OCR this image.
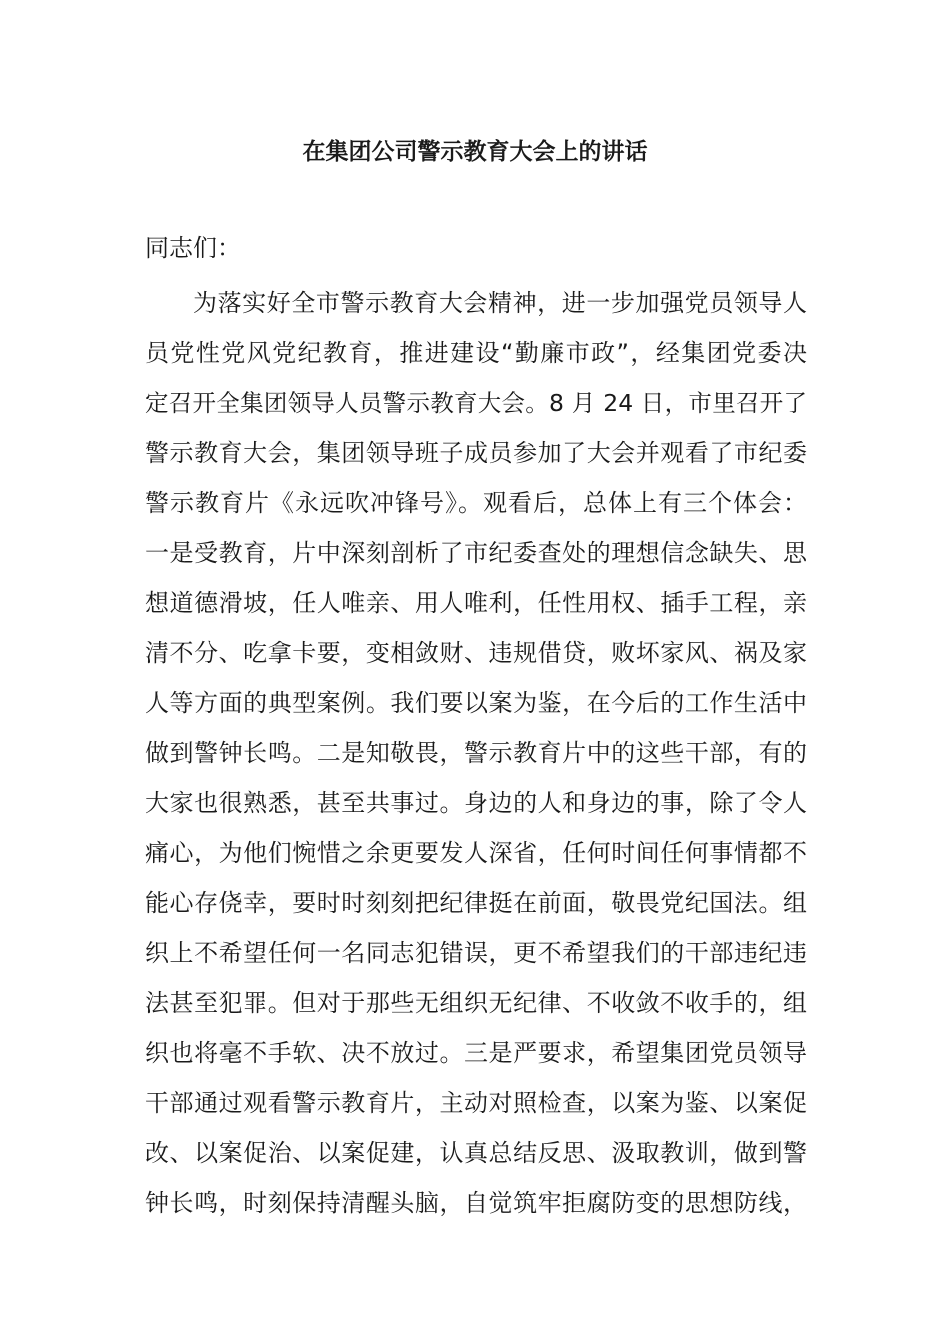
在集团公司警示教育大会上的讲话

同志们：

为落实好全市警示教育大会精神，进一步加强党员领导人
员党性党风党纪教育，推进建设“勤廉市政”，经集团党委决
定召开全集团领导人员警示教育大会。8 月 24 日，市里召开了
警示教育大会，集团领导班子成员参加了大会并观看了市纪委
警示教育片《永远吹冲锋号》。观看后，总体上有三个体会：
一是受教育，片中深刻剖析了市纪委查处的理想信念缺失、思
想道德滑坡，任人唯亲、用人唯利，任性用权、插手工程，亲
清不分、吃拿卡要，变相敛财、违规借贷，败坏家风、祸及家
人等方面的典型案例。我们要以案为鉴，在今后的工作生活中
做到警钟长鸣。二是知敬畏，警示教育片中的这些干部，有的
大家也很熟悉，甚至共事过。身边的人和身边的事，除了令人
痛心，为他们惋惜之余更要发人深省，任何时间任何事情都不
能心存侥幸，要时时刻刻把纪律挺在前面，敬畏党纪国法。组
织上不希望任何一名同志犯错误，更不希望我们的干部违纪违
法甚至犯罪。但对于那些无组织无纪律、不收敛不收手的，组
织也将毫不手软、决不放过。三是严要求，希望集团党员领导
干部通过观看警示教育片，主动对照检查，以案为鉴、以案促
改、以案促治、以案促建，认真总结反思、汲取教训，做到警
钟长鸣，时刻保持清醒头脑，自觉筑牢拒腐防变的思想防线，
